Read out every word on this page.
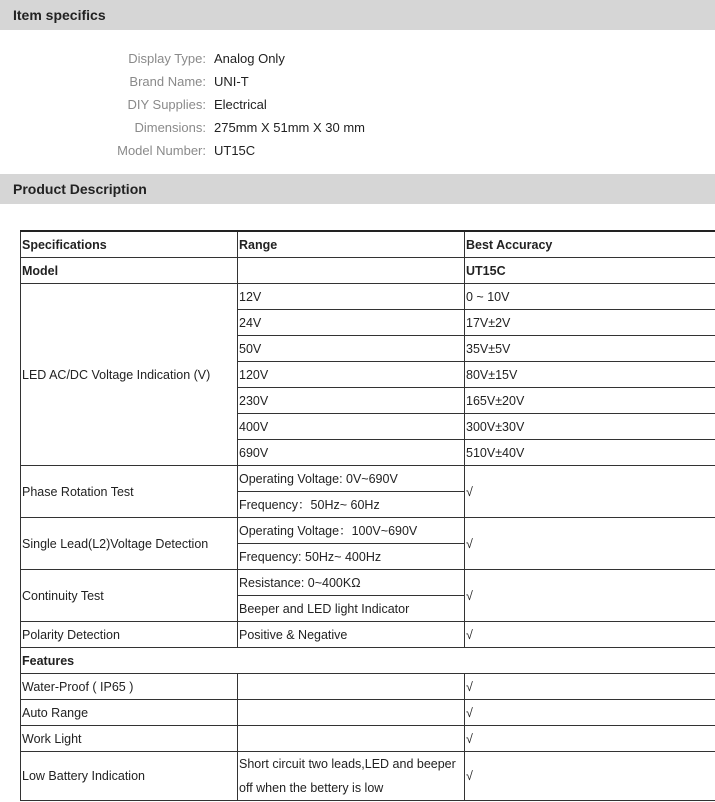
Item specifics
Display Type: Analog Only
Brand Name: UNI-T
DIY Supplies: Electrical
Dimensions: 275mm X 51mm X 30 mm
Model Number: UT15C
Product Description
Specifications	Range	Best Accuracy
Model		UT15C
LED AC/DC Voltage Indication (V)	12V	0 ~ 10V
	24V	17V±2V
	50V	35V±5V
	120V	80V±15V
	230V	165V±20V
	400V	300V±30V
	690V	510V±40V
Phase Rotation Test	Operating Voltage: 0V~690V	√
	Frequency：50Hz~ 60Hz	
Single Lead(L2)Voltage Detection	Operating Voltage：100V~690V	√
	Frequency: 50Hz~ 400Hz	
Continuity Test	Resistance: 0~400KΩ	√
	Beeper and LED light Indicator	
Polarity Detection	Positive & Negative	√
Features		
Water-Proof ( IP65 )		√
Auto Range		√
Work Light		√
Low Battery Indication	Short circuit two leads,LED and beeper off when the bettery is low	√
